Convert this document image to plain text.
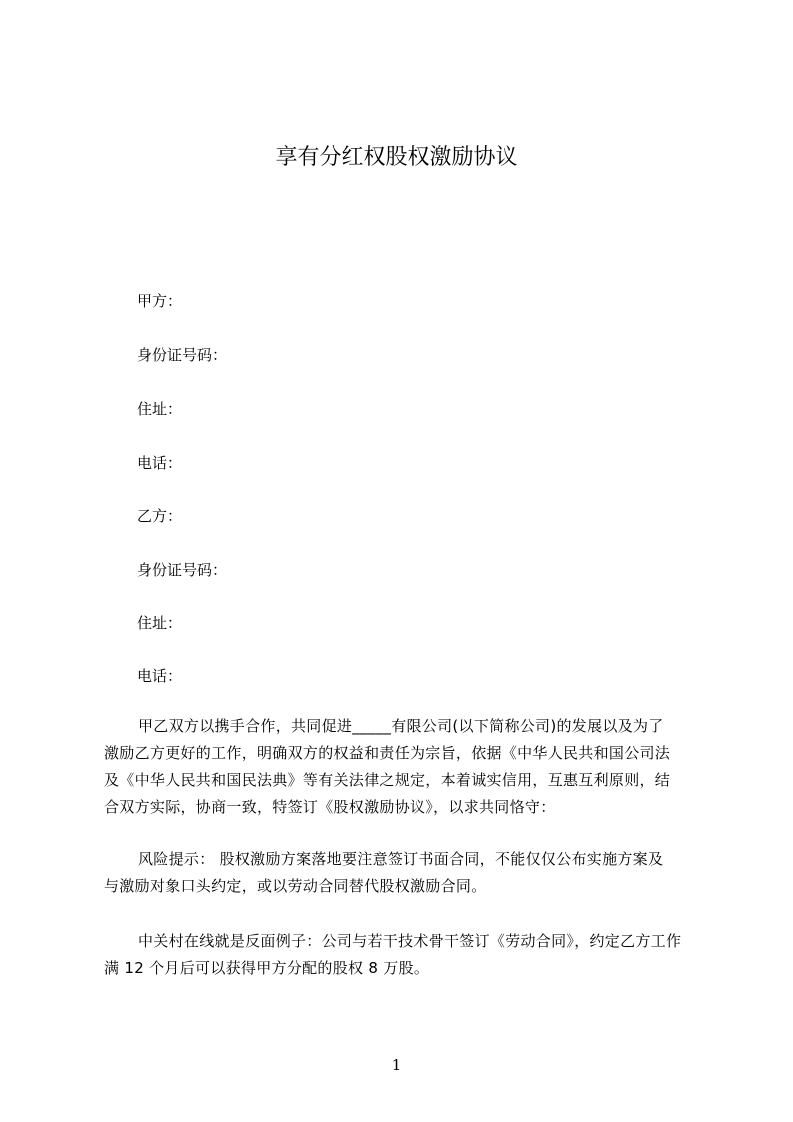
享有分红权股权激励协议
甲方：
身份证号码：
住址：
电话：
乙方：
身份证号码：
住址：
电话：
甲乙双方以携手合作，共同促进_____有限公司(以下简称公司)的发展以及为了
激励乙方更好的工作，明确双方的权益和责任为宗旨，依据《中华人民共和国公司法
及《中华人民共和国民法典》等有关法律之规定，本着诚实信用，互惠互利原则，结
合双方实际，协商一致，特签订《股权激励协议》，以求共同恪守：
风险提示： 股权激励方案落地要注意签订书面合同，不能仅仅公布实施方案及
与激励对象口头约定，或以劳动合同替代股权激励合同。
中关村在线就是反面例子：公司与若干技术骨干签订《劳动合同》，约定乙方工作
满 12 个月后可以获得甲方分配的股权 8 万股。
1
